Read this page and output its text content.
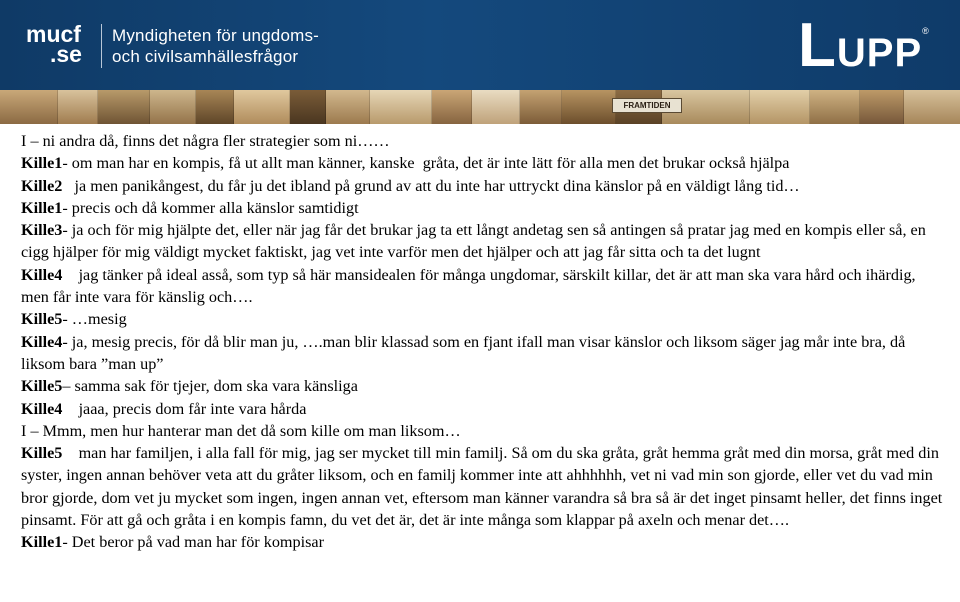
mucf
.se
Myndigheten för ungdoms-
och civilsamhällesfrågor	LUPP®
FRAMTIDEN
I – ni andra då, finns det några fler strategier som ni……
Kille1- om man har en kompis, få ut allt man känner, kanske  gråta, det är inte lätt för alla men det brukar också hjälpa
Kille2   ja men panikångest, du får ju det ibland på grund av att du inte har uttryckt dina känslor på en väldigt lång tid…
Kille1- precis och då kommer alla känslor samtidigt
Kille3- ja och för mig hjälpte det, eller när jag får det brukar jag ta ett långt andetag sen så antingen så pratar jag med en kompis eller så, en cigg hjälper för mig väldigt mycket faktiskt, jag vet inte varför men det hjälper och att jag får sitta och ta det lugnt
Kille4    jag tänker på ideal asså, som typ så här mansidealen för många ungdomar, särskilt killar, det är att man ska vara hård och ihärdig, men får inte vara för känslig och….
Kille5- …mesig
Kille4- ja, mesig precis, för då blir man ju, ….man blir klassad som en fjant ifall man visar känslor och liksom säger jag mår inte bra, då liksom bara ”man up”
Kille5– samma sak för tjejer, dom ska vara känsliga
Kille4    jaaa, precis dom får inte vara hårda
I – Mmm, men hur hanterar man det då som kille om man liksom…
Kille5    man har familjen, i alla fall för mig, jag ser mycket till min familj. Så om du ska gråta, gråt hemma gråt med din morsa, gråt med din syster, ingen annan behöver veta att du gråter liksom, och en familj kommer inte att ahhhhhh, vet ni vad min son gjorde, eller vet du vad min bror gjorde, dom vet ju mycket som ingen, ingen annan vet, eftersom man känner varandra så bra så är det inget pinsamt heller, det finns inget pinsamt. För att gå och gråta i en kompis famn, du vet det är, det är inte många som klappar på axeln och menar det….
Kille1- Det beror på vad man har för kompisar
